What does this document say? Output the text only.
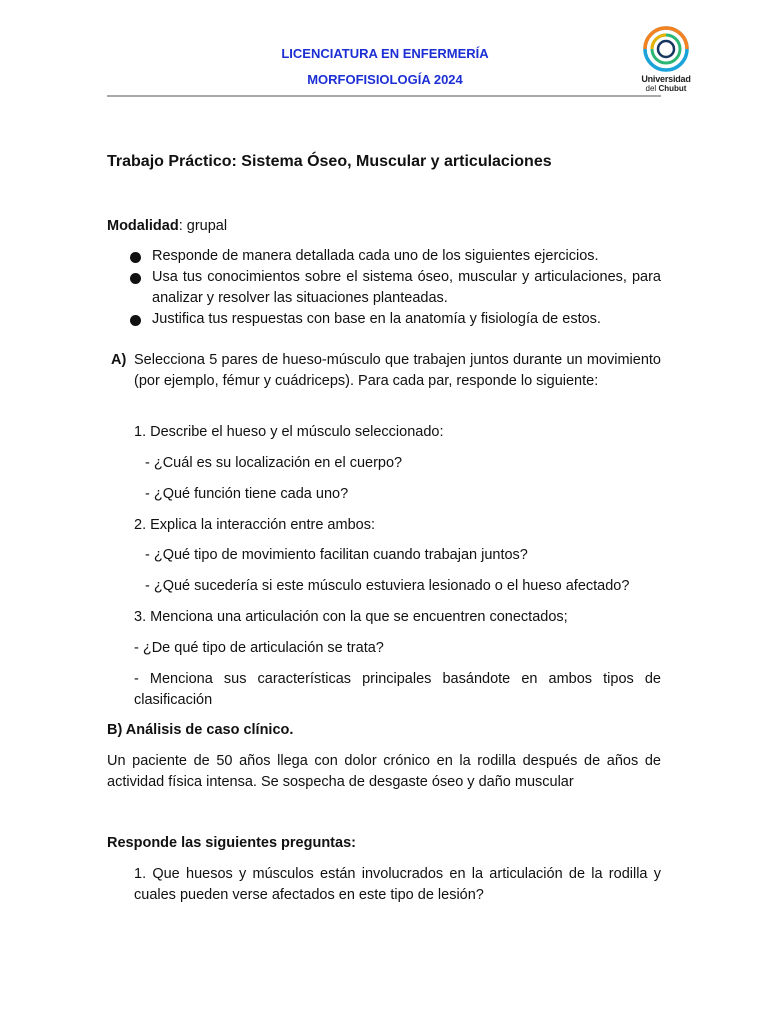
LICENCIATURA EN ENFERMERÍA
MORFOFISIOLOGÍA 2024	Universidad
del Chubut
Trabajo Práctico: Sistema Óseo, Muscular y articulaciones
Modalidad: grupal
Responde de manera detallada cada uno de los siguientes ejercicios.
Usa tus conocimientos sobre el sistema óseo, muscular y articulaciones, para analizar y resolver las situaciones planteadas.
Justifica tus respuestas con base en la anatomía y fisiología de estos.
A) Selecciona 5 pares de hueso-músculo que trabajen juntos durante un movimiento (por ejemplo, fémur y cuádriceps). Para cada par, responde lo siguiente:
1. Describe el hueso y el músculo seleccionado:
- ¿Cuál es su localización en el cuerpo?
- ¿Qué función tiene cada uno?
2. Explica la interacción entre ambos:
- ¿Qué tipo de movimiento facilitan cuando trabajan juntos?
- ¿Qué sucedería si este músculo estuviera lesionado o el hueso afectado?
3. Menciona una articulación con la que se encuentren conectados;
- ¿De qué tipo de articulación se trata?
- Menciona sus características principales basándote en ambos tipos de clasificación
B) Análisis de caso clínico.
Un paciente de 50 años llega con dolor crónico en la rodilla después de años de actividad física intensa. Se sospecha de desgaste óseo y daño muscular
Responde las siguientes preguntas:
1. Que huesos y músculos están involucrados en la articulación de la rodilla y cuales pueden verse afectados en este tipo de lesión?
